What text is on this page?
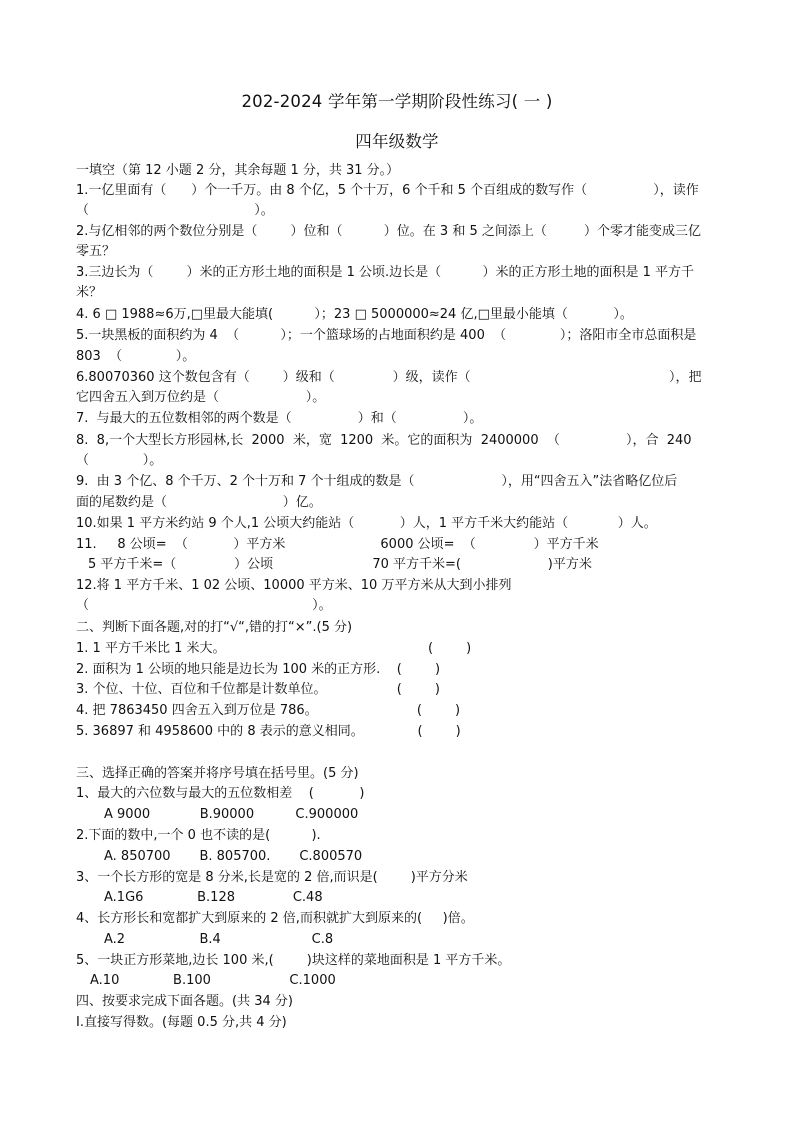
202-2024 学年第一学期阶段性练习( 一 )
四年级数学
一填空（第 12 小题 2 分，其余每题 1 分，共 31 分。）
1.一亿里面有（      ）个一千万。由 8 个亿，5 个十万，6 个千和 5 个百组成的数写作（                ），读作
（                                        ）。
2.与亿相邻的两个数位分别是（        ）位和（          ）位。在 3 和 5 之间添上（         ）个零才能变成三亿
零五？
3.三边长为（        ）米的正方形土地的面积是 1 公顷.边长是（          ）米的正方形土地的面积是 1 平方千
米？
4. 6 □ 1988≈6万,□里最大能填(          ）；23 □ 5000000≈24 亿,□里最小能填（           ）。
5.一块黑板的面积约为 4  （          ）；一个篮球场的占地面积约是 400  （             ）；洛阳市全市总面积是
803  （             ）。
6.80070360 这个数包含有（        ）级和（              ）级，读作（                                                ），把
它四舍五入到万位约是（                     ）。
7.  与最大的五位数相邻的两个数是（                ）和（                ）。
8.  8,一个大型长方形园林,长  2000  米，宽  1200  米。它的面积为  2400000  （                ），合  240
（             ）。
9.  由 3 个亿、8 个千万、2 个十万和 7 个十组成的数是（                     ），用“四舍五入”法省略亿位后
面的尾数约是（                            ）亿。
10.如果 1 平方米约站 9 个人,1 公顷大约能站（           ）人，1 平方千米大约能站（            ）人。
11.     8 公顷=  （           ）平方米                       6000 公顷=  （              ）平方千米
5 平方千米=（              ）公顷                        70 平方千米=(                     )平方米
12.将 1 平方千米、1 02 公顷、10000 平方米、10 万平方米从大到小排列
（                                                      ）。
二、判断下面各题,对的打“√“,错的打“×”.(5 分)
1. 1 平方千米比 1 米大。                                                 (        )
2. 面积为 1 公顷的地只能是边长为 100 米的正方形.    (        )
3. 个位、十位、百位和千位都是计数单位。                 (        )
4. 把 7863450 四舍五入到万位是 786。                        (        )
5. 36897 和 4958600 中的 8 表示的意义相同。             (        )
三、选择正确的答案并将序号填在括号里。(5 分)
1、最大的六位数与最大的五位数相差    (           )
A 9000            B.90000          C.900000
2.下面的数中,一个 0 也不读的是(          ).
A. 850700       B. 805700.       C.800570
3、一个长方形的宽是 8 分米,长是宽的 2 倍,而识是(        )平方分米
A.1G6             B.128              C.48
4、长方形长和宽都扩大到原来的 2 倍,而积就扩大到原来的(     )倍。
A.2                  B.4                      C.8
5、一块正方形菜地,边长 100 米,(        )块这样的菜地面积是 1 平方千米。
A.10             B.100                   C.1000
四、按要求完成下面各题。(共 34 分)
I.直接写得数。(每题 0.5 分,共 4 分)
